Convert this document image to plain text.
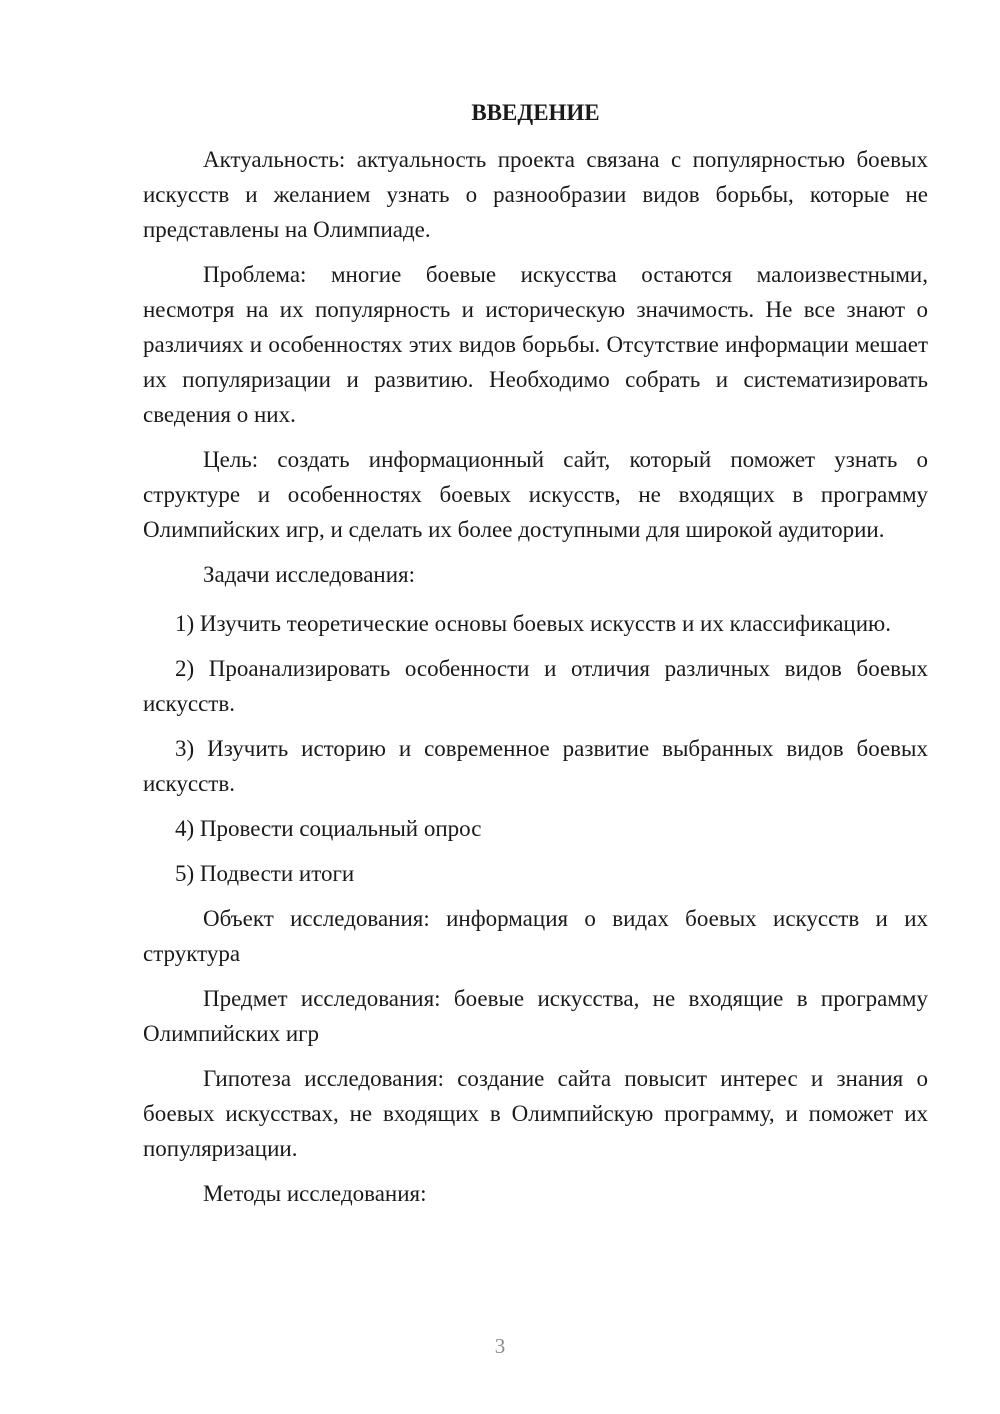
ВВЕДЕНИЕ

Актуальность: актуальность проекта связана с популярностью боевых искусств и желанием узнать о разнообразии видов борьбы, которые не представлены на Олимпиаде.

Проблема: многие боевые искусства остаются малоизвестными, несмотря на их популярность и историческую значимость. Не все знают о различиях и особенностях этих видов борьбы. Отсутствие информации мешает их популяризации и развитию. Необходимо собрать и систематизировать сведения о них.

Цель: создать информационный сайт, который поможет узнать о структуре и особенностях боевых искусств, не входящих в программу Олимпийских игр, и сделать их более доступными для широкой аудитории.

Задачи исследования:

1) Изучить теоретические основы боевых искусств и их классификацию.

2) Проанализировать особенности и отличия различных видов боевых искусств.

3) Изучить историю и современное развитие выбранных видов боевых искусств.

4) Провести социальный опрос

5) Подвести итоги

Объект исследования: информация о видах боевых искусств и их структура

Предмет исследования: боевые искусства, не входящие в программу Олимпийских игр

Гипотеза исследования: создание сайта повысит интерес и знания о боевых искусствах, не входящих в Олимпийскую программу, и поможет их популяризации.

Методы исследования:

3
